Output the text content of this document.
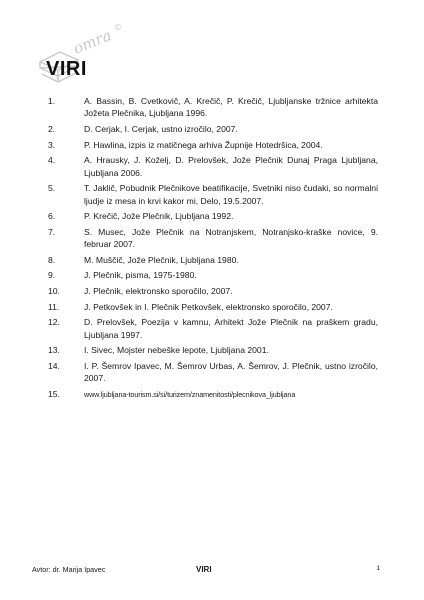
omra ©
VIRI
1.	A. Bassin, B. Cvetkovič, A. Krečič, P. Krečič, Ljubljanske tržnice arhitekta Jožeta Plečnika, Ljubljana 1996.
2.	D. Cerjak, I. Cerjak, ustno izročilo, 2007.
3.	P. Hawlina, izpis iz matičnega arhiva Župnije Hotedršica, 2004.
4.	A. Hrausky, J. Koželj, D. Prelovšek, Jože Plečnik Dunaj Praga Ljubljana, Ljubljana 2006.
5.	T. Jaklič, Pobudnik Plečnikove beatifikacije, Svetniki niso čudaki, so normalni ljudje iz mesa in krvi kakor mi, Delo, 19.5.2007.
6.	P. Krečič, Jože Plečnik, Ljubljana 1992.
7.	S. Musec, Jože Plečnik na Notranjskem, Notranjsko-kraške novice, 9. februar 2007.
8.	M. Muščič, Jože Plečnik, Ljubljana 1980.
9.	J. Plečnik, pisma, 1975-1980.
10.	J. Plečnik, elektronsko sporočilo, 2007.
11.	J. Petkovšek in I. Plečnik Petkovšek, elektronsko sporočilo, 2007.
12.	D. Prelovšek, Poezija v kamnu, Arhitekt Jože Plečnik na praškem gradu, Ljubljana 1997.
13.	I. Sivec, Mojster nebeške lepote, Ljubljana 2001.
14.	I. P. Šemrov Ipavec, M. Šemrov Urbas, A. Šemrov, J. Plečnik, ustno izročilo, 2007.
15.	www.ljubljana-tourism.si/si/turizem/znamenitosti/plecnikova_ljubljana
Avtor: dr. Marija Ipavec	VIRI	1
